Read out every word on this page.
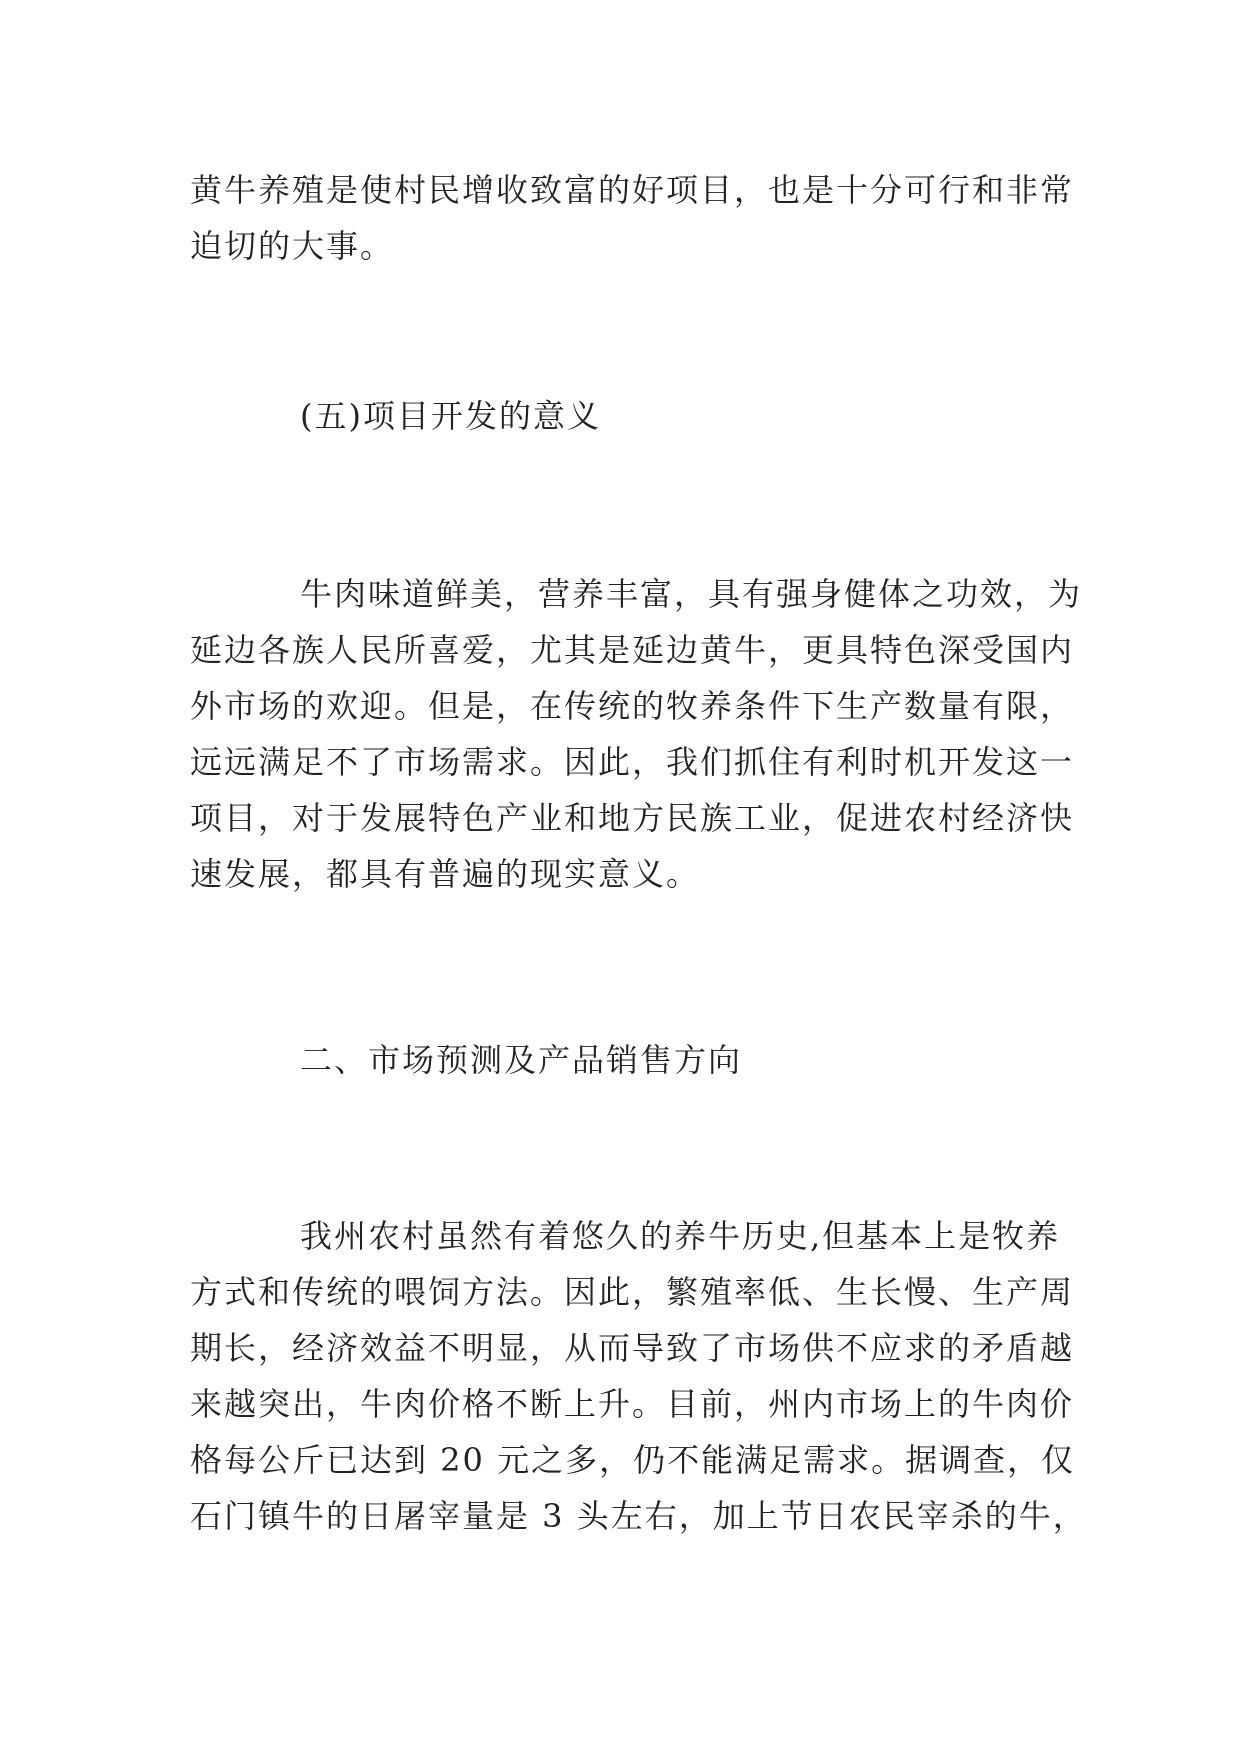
黄牛养殖是使村民增收致富的好项目，也是十分可行和非常
迫切的大事。
(五)项目开发的意义
牛肉味道鲜美，营养丰富，具有强身健体之功效，为
延边各族人民所喜爱，尤其是延边黄牛，更具特色深受国内
外市场的欢迎。但是，在传统的牧养条件下生产数量有限，
远远满足不了市场需求。因此，我们抓住有利时机开发这一
项目，对于发展特色产业和地方民族工业，促进农村经济快
速发展，都具有普遍的现实意义。
二、市场预测及产品销售方向
我州农村虽然有着悠久的养牛历史,但基本上是牧养
方式和传统的喂饲方法。因此，繁殖率低、生长慢、生产周
期长，经济效益不明显，从而导致了市场供不应求的矛盾越
来越突出，牛肉价格不断上升。目前，州内市场上的牛肉价
格每公斤已达到 20 元之多，仍不能满足需求。据调查，仅
石门镇牛的日屠宰量是 3 头左右，加上节日农民宰杀的牛，
